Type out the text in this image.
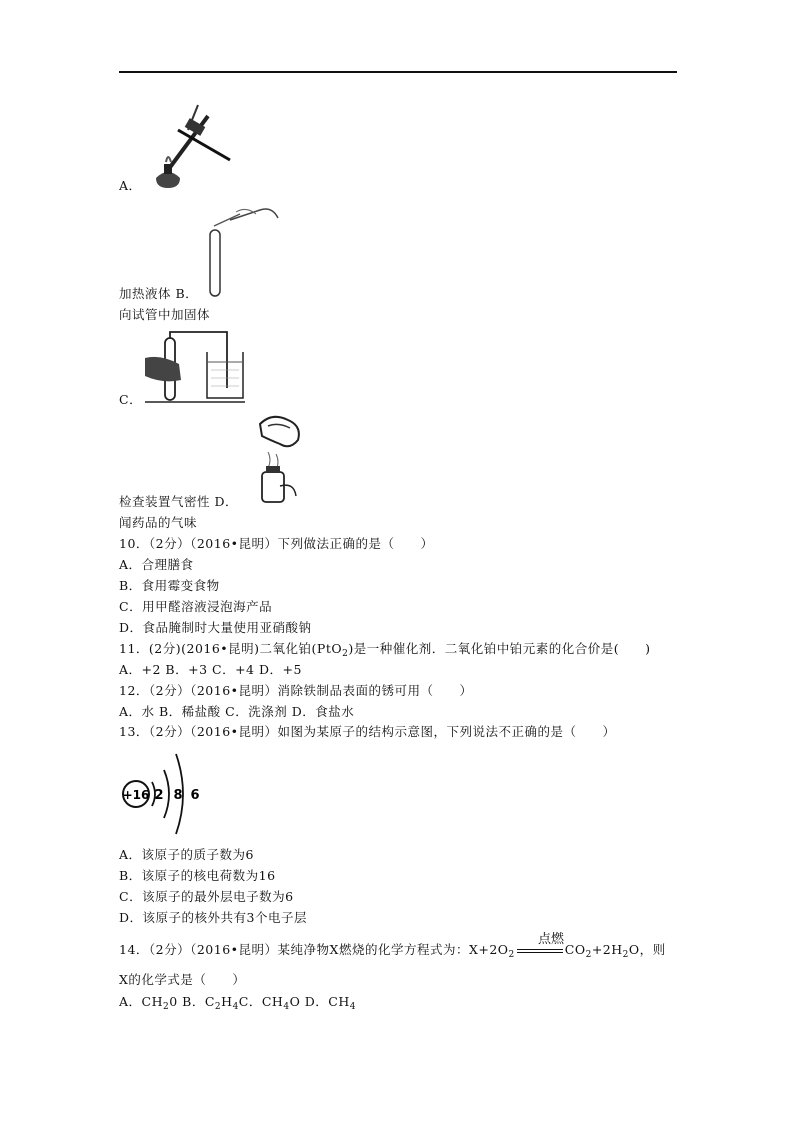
A．
加热液体 B．
向试管中加固体
C．
检查装置气密性 D．
闻药品的气味
10．（2分）（2016•昆明）下列做法正确的是（　　）
A．合理膳食
B．食用霉变食物
C．用甲醛溶液浸泡海产品
D．食品腌制时大量使用亚硝酸钠
11．(2分)(2016•昆明)二氧化铂(PtO$_2$)是一种催化剂．二氧化铂中铂元素的化合价是(　　)
A．+2 B．+3 C．+4 D．+5
12．（2分）（2016•昆明）消除铁制品表面的锈可用（　　）
A．水 B．稀盐酸 C．洗涤剂 D．食盐水
13．（2分）（2016•昆明）如图为某原子的结构示意图，下列说法不正确的是（　　）
+16 2 8 6
A．该原子的质子数为6
B．该原子的核电荷数为16
C．该原子的最外层电子数为6
D．该原子的核外共有3个电子层
14．（2分）（2016•昆明）某纯净物X燃烧的化学方程式为：$X+2O_2$	$CO_2+2H_2O$，则
点燃
X的化学式是（　　）
A．$CH_20$ B．$C_2H_4C$．$CH_4O$ D．$CH_4$
